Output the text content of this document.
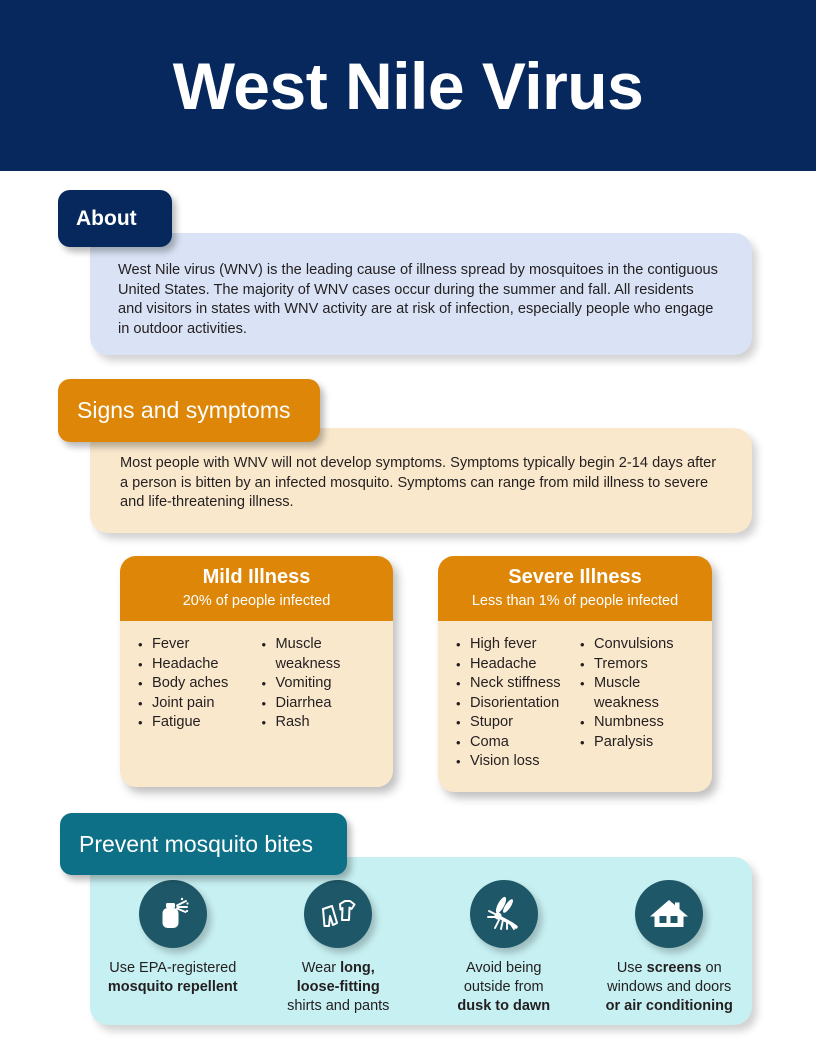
West Nile Virus
About
West Nile virus (WNV) is the leading cause of illness spread by mosquitoes in the contiguous United States. The majority of WNV cases occur during the summer and fall. All residents and visitors in states with WNV activity are at risk of infection, especially people who engage in outdoor activities.
Signs and symptoms
Most people with WNV will not develop symptoms. Symptoms typically begin 2-14 days after a person is bitten by an infected mosquito. Symptoms can range from mild illness to severe and life-threatening illness.
Mild Illness
20% of people infected
• Fever
• Headache
• Body aches
• Joint pain
• Fatigue
• Muscle weakness
• Vomiting
• Diarrhea
• Rash
Severe Illness
Less than 1% of people infected
• High fever
• Headache
• Neck stiffness
• Disorientation
• Stupor
• Coma
• Vision loss
• Convulsions
• Tremors
• Muscle weakness
• Numbness
• Paralysis
Prevent mosquito bites
Use EPA-registered
mosquito repellent
Wear long,
loose-fitting
shirts and pants
Avoid being
outside from
dusk to dawn
Use screens on
windows and doors
or air conditioning
